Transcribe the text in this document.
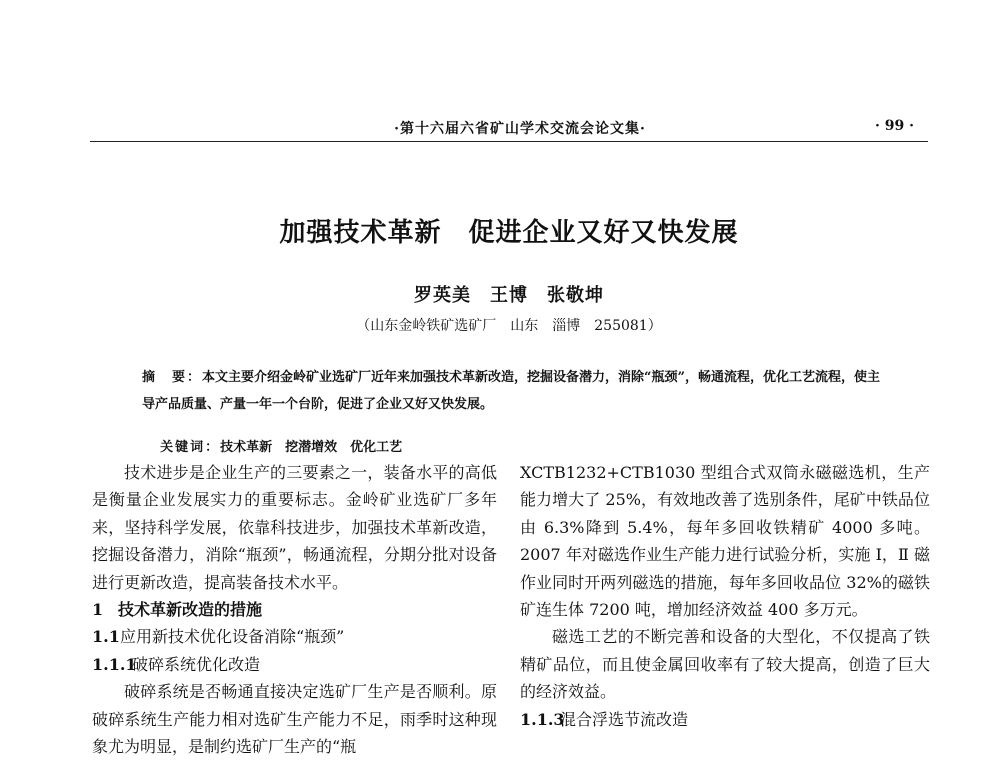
·第十六届六省矿山学术交流会论文集·	· 99 ·
加强技术革新　促进企业又好又快发展
罗英美　王博　张敬坤
（山东金岭铁矿选矿厂　山东　淄博　255081）
摘　要：本文主要介绍金岭矿业选矿厂近年来加强技术革新改造，挖掘设备潜力，消除“瓶颈”，畅通流程，优化工艺流程，使主导产品质量、产量一年一个台阶，促进了企业又好又快发展。

关键词：技术革新　挖潜增效　优化工艺

技术进步是企业生产的三要素之一，装备水平的高低是衡量企业发展实力的重要标志。金岭矿业选矿厂多年来，坚持科学发展，依靠科技进步，加强技术革新改造，挖掘设备潜力，消除“瓶颈”，畅通流程，分期分批对设备进行更新改造，提高装备技术水平。

1 技术革新改造的措施

1.1应用新技术优化设备消除“瓶颈”

1.1.1破碎系统优化改造

破碎系统是否畅通直接决定选矿厂生产是否顺利。原破碎系统生产能力相对选矿生产能力不足，雨季时这种现象尤为明显，是制约选矿厂生产的“瓶

XCTB1232+CTB1030 型组合式双筒永磁磁选机，生产能力增大了 25%，有效地改善了选别条件，尾矿中铁品位由 6.3%降到 5.4%，每年多回收铁精矿 4000 多吨。2007 年对磁选作业生产能力进行试验分析，实施 Ⅰ，Ⅱ 磁作业同时开两列磁选的措施，每年多回收品位 32%的磁铁矿连生体 7200 吨，增加经济效益 400 多万元。

磁选工艺的不断完善和设备的大型化，不仅提高了铁精矿品位，而且使金属回收率有了较大提高，创造了巨大的经济效益。

1.1.3混合浮选节流改造
